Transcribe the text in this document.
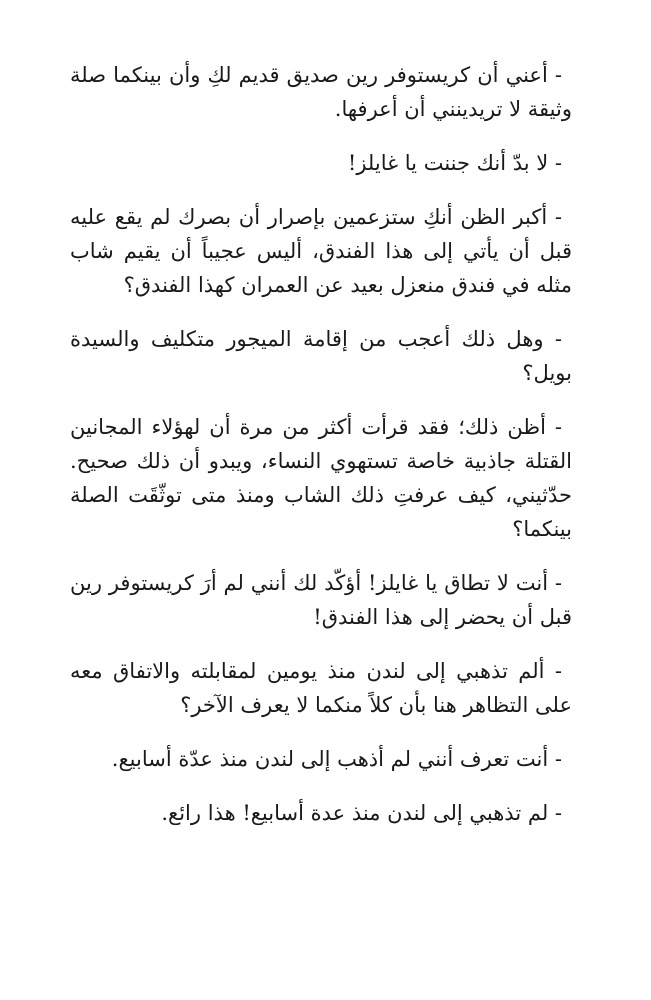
- أعني أن كريستوفر رين صديق قديم لكِ وأن بينكما صلة وثيقة لا تريدينني أن أعرفها.

- لا بدّ أنك جننت يا غايلز!

- أكبر الظن أنكِ ستزعمين بإصرار أن بصرك لم يقع عليه قبل أن يأتي إلى هذا الفندق، أليس عجيباً أن يقيم شاب مثله في فندق منعزل بعيد عن العمران كهذا الفندق؟

- وهل ذلك أعجب من إقامة الميجور متكليف والسيدة بويل؟

- أظن ذلك؛ فقد قرأت أكثر من مرة أن لهؤلاء المجانين القتلة جاذبية خاصة تستهوي النساء، ويبدو أن ذلك صحيح. حدّثيني، كيف عرفتِ ذلك الشاب ومنذ متى توثّقَت الصلة بينكما؟

- أنت لا تطاق يا غايلز! أؤكّد لك أنني لم أرَ كريستوفر رين قبل أن يحضر إلى هذا الفندق!

- ألم تذهبي إلى لندن منذ يومين لمقابلته والاتفاق معه على التظاهر هنا بأن كلاً منكما لا يعرف الآخر؟

- أنت تعرف أنني لم أذهب إلى لندن منذ عدّة أسابيع.

- لم تذهبي إلى لندن منذ عدة أسابيع! هذا رائع.
